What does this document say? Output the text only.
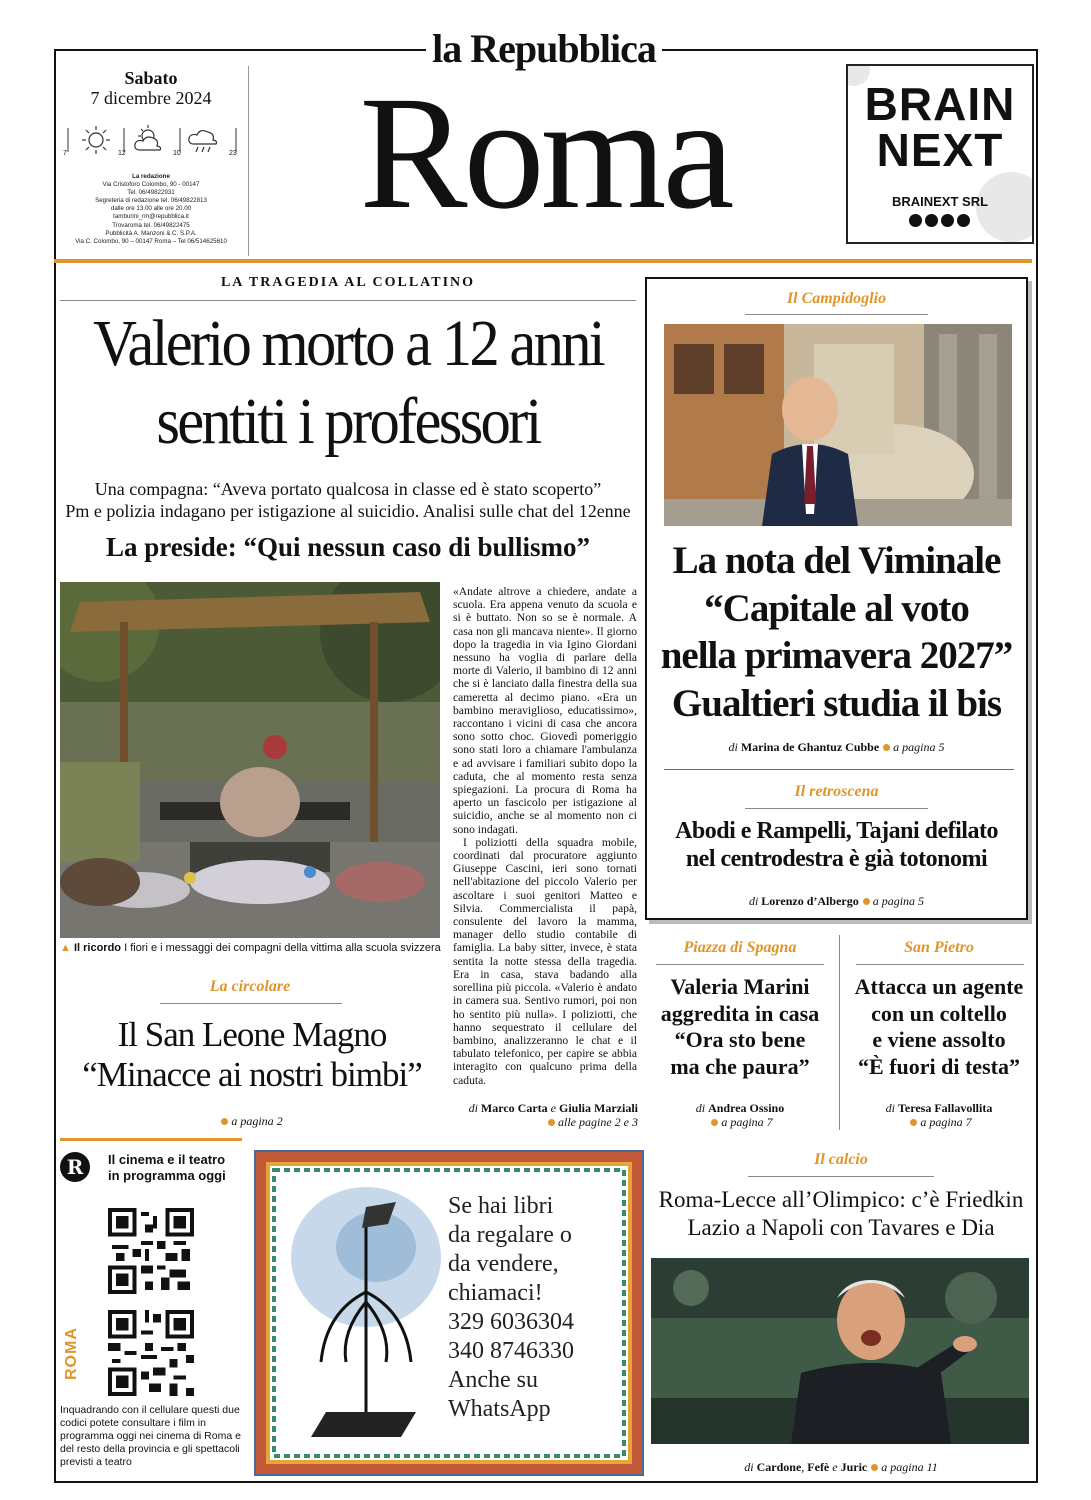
la Repubblica
Sabato
7 dicembre 2024
7	12	10	23
La redazione
Via Cristoforo Colombo, 90 - 00147
Tel. 06/49822931
Segreteria di redazione tel. 06/49822813
dalle ore 13.00 alle ore 20.00
tamburini_rm@repubblica.it
Trovaroma tel. 06/49822475
Pubblicità A. Manzoni & C. S.P.A.
Via C. Colombo, 90 – 00147 Roma – Tel 06/514625610 Roma	BRAIN
NEXT
BRAINEXT SRL
LA TRAGEDIA AL COLLATINO
Valerio morto a 12 anni
sentiti i professori
Una compagna: “Aveva portato qualcosa in classe ed è stato scoperto”
Pm e polizia indagano per istigazione al suicidio. Analisi sulle chat del 12enne
La preside: “Qui nessun caso di bullismo”
▲ Il ricordo I fiori e i messaggi dei compagni della vittima alla scuola svizzera

«Andate altrove a chiedere, andate a scuola. Era appena venuto da scuola e si è buttato. Non so se è normale. A casa non gli mancava niente». Il giorno dopo la tragedia in via Igino Giordani nessuno ha voglia di parlare della morte di Valerio, il bambino di 12 anni che si è lanciato dalla finestra della sua cameretta al decimo piano. «Era un bambino meraviglioso, educatissimo», raccontano i vicini di casa che ancora sono sotto choc. Giovedì pomeriggio sono stati loro a chiamare l'ambulanza e ad avvisare i familiari subito dopo la caduta, che al momento resta senza spiegazioni. La procura di Roma ha aperto un fascicolo per istigazione al suicidio, anche se al momento non ci sono indagati.

I poliziotti della squadra mobile, coordinati dal procuratore aggiunto Giuseppe Cascini, ieri sono tornati nell'abitazione del piccolo Valerio per ascoltare i suoi genitori Matteo e Silvia. Commercialista il papà, consulente del lavoro la mamma, manager dello studio contabile di famiglia. La baby sitter, invece, è stata sentita la notte stessa della tragedia. Era in casa, stava badando alla sorellina più piccola. «Valerio è andato in camera sua. Sentivo rumori, poi non ho sentito più nulla». I poliziotti, che hanno sequestrato il cellulare del bambino, analizzeranno le chat e il tabulato telefonico, per capire se abbia interagito con qualcuno prima della caduta.

di Marco Carta e Giulia Marziali
alle pagine 2 e 3
La circolare
Il San Leone Magno
“Minacce ai nostri bimbi”
a pagina 2
Il Campidoglio
La nota del Viminale
“Capitale al voto
nella primavera 2027”
Gualtieri studia il bis
di Marina de Ghantuz Cubbe a pagina 5
Il retroscena
Abodi e Rampelli, Tajani defilato
nel centrodestra è già totonomi
di Lorenzo d’Albergo a pagina 5
Piazza di Spagna
Valeria Marini
aggredita in casa
“Ora sto bene
ma che paura”
di Andrea Ossino
a pagina 7
San Pietro
Attacca un agente
con un coltello
e viene assolto
“È fuori di testa”
di Teresa Fallavollita
a pagina 7
R	Il cinema e il teatro
in programma oggi
ROMA
Inquadrando con il cellulare questi due codici potete consultare i film in programma oggi nei cinema di Roma e del resto della provincia e gli spettacoli previsti a teatro
Se hai libri
da regalare o
da vendere,
chiamaci!
329 6036304
340 8746330
Anche su
WhatsApp
Il calcio
Roma-Lecce all’Olimpico: c’è Friedkin
Lazio a Napoli con Tavares e Dia
di Cardone, Fefè e Juric a pagina 11
